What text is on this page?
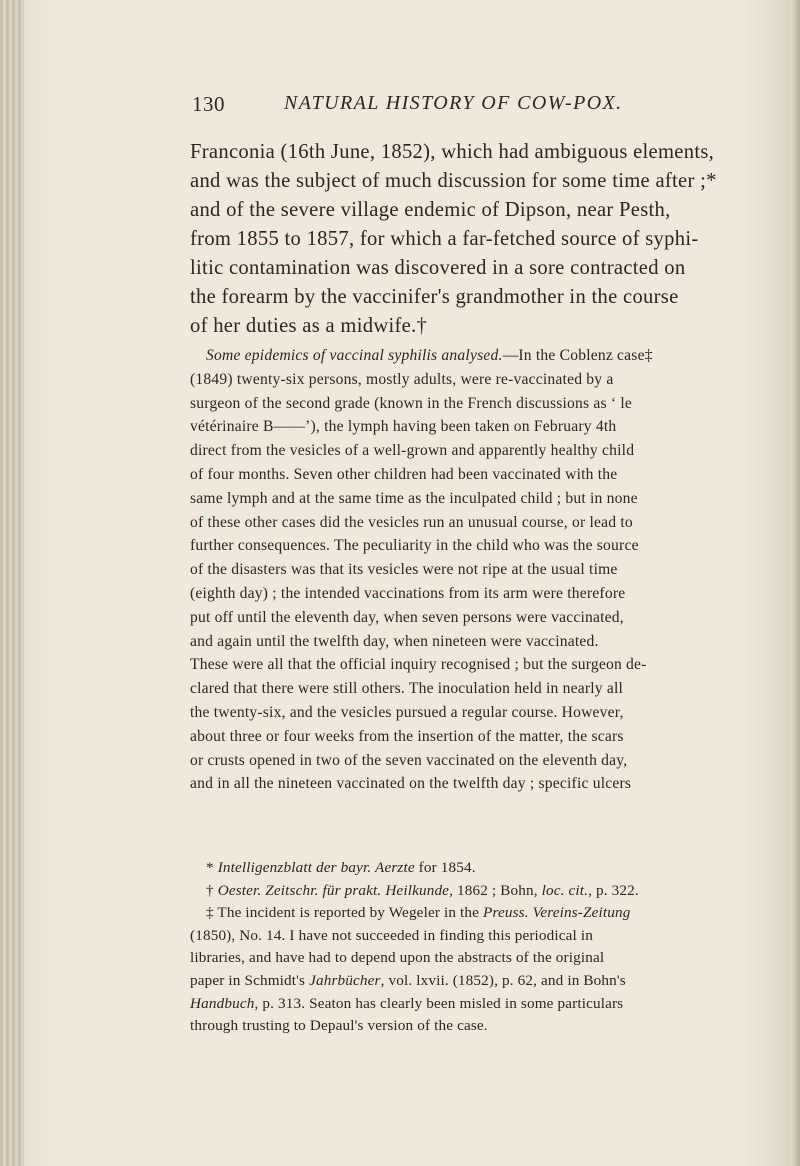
130	NATURAL HISTORY OF COW-POX.
Franconia (16th June, 1852), which had ambiguous elements,
and was the subject of much discussion for some time after ;*
and of the severe village endemic of Dipson, near Pesth,
from 1855 to 1857, for which a far-fetched source of syphi-
litic contamination was discovered in a sore contracted on
the forearm by the vaccinifer's grandmother in the course
of her duties as a midwife.†
Some epidemics of vaccinal syphilis analysed.—In the Coblenz case‡
(1849) twenty-six persons, mostly adults, were re-vaccinated by a
surgeon of the second grade (known in the French discussions as ‘ le
vétérinaire B——’), the lymph having been taken on February 4th
direct from the vesicles of a well-grown and apparently healthy child
of four months. Seven other children had been vaccinated with the
same lymph and at the same time as the inculpated child ; but in none
of these other cases did the vesicles run an unusual course, or lead to
further consequences. The peculiarity in the child who was the source
of the disasters was that its vesicles were not ripe at the usual time
(eighth day) ; the intended vaccinations from its arm were therefore
put off until the eleventh day, when seven persons were vaccinated,
and again until the twelfth day, when nineteen were vaccinated.
These were all that the official inquiry recognised ; but the surgeon de-
clared that there were still others. The inoculation held in nearly all
the twenty-six, and the vesicles pursued a regular course. However,
about three or four weeks from the insertion of the matter, the scars
or crusts opened in two of the seven vaccinated on the eleventh day,
and in all the nineteen vaccinated on the twelfth day ; specific ulcers
* Intelligenzblatt der bayr. Aerzte for 1854.
† Oester. Zeitschr. für prakt. Heilkunde, 1862 ; Bohn, loc. cit., p. 322.
‡ The incident is reported by Wegeler in the Preuss. Vereins-Zeitung
(1850), No. 14. I have not succeeded in finding this periodical in
libraries, and have had to depend upon the abstracts of the original
paper in Schmidt's Jahrbücher, vol. lxvii. (1852), p. 62, and in Bohn's
Handbuch, p. 313. Seaton has clearly been misled in some particulars
through trusting to Depaul's version of the case.
